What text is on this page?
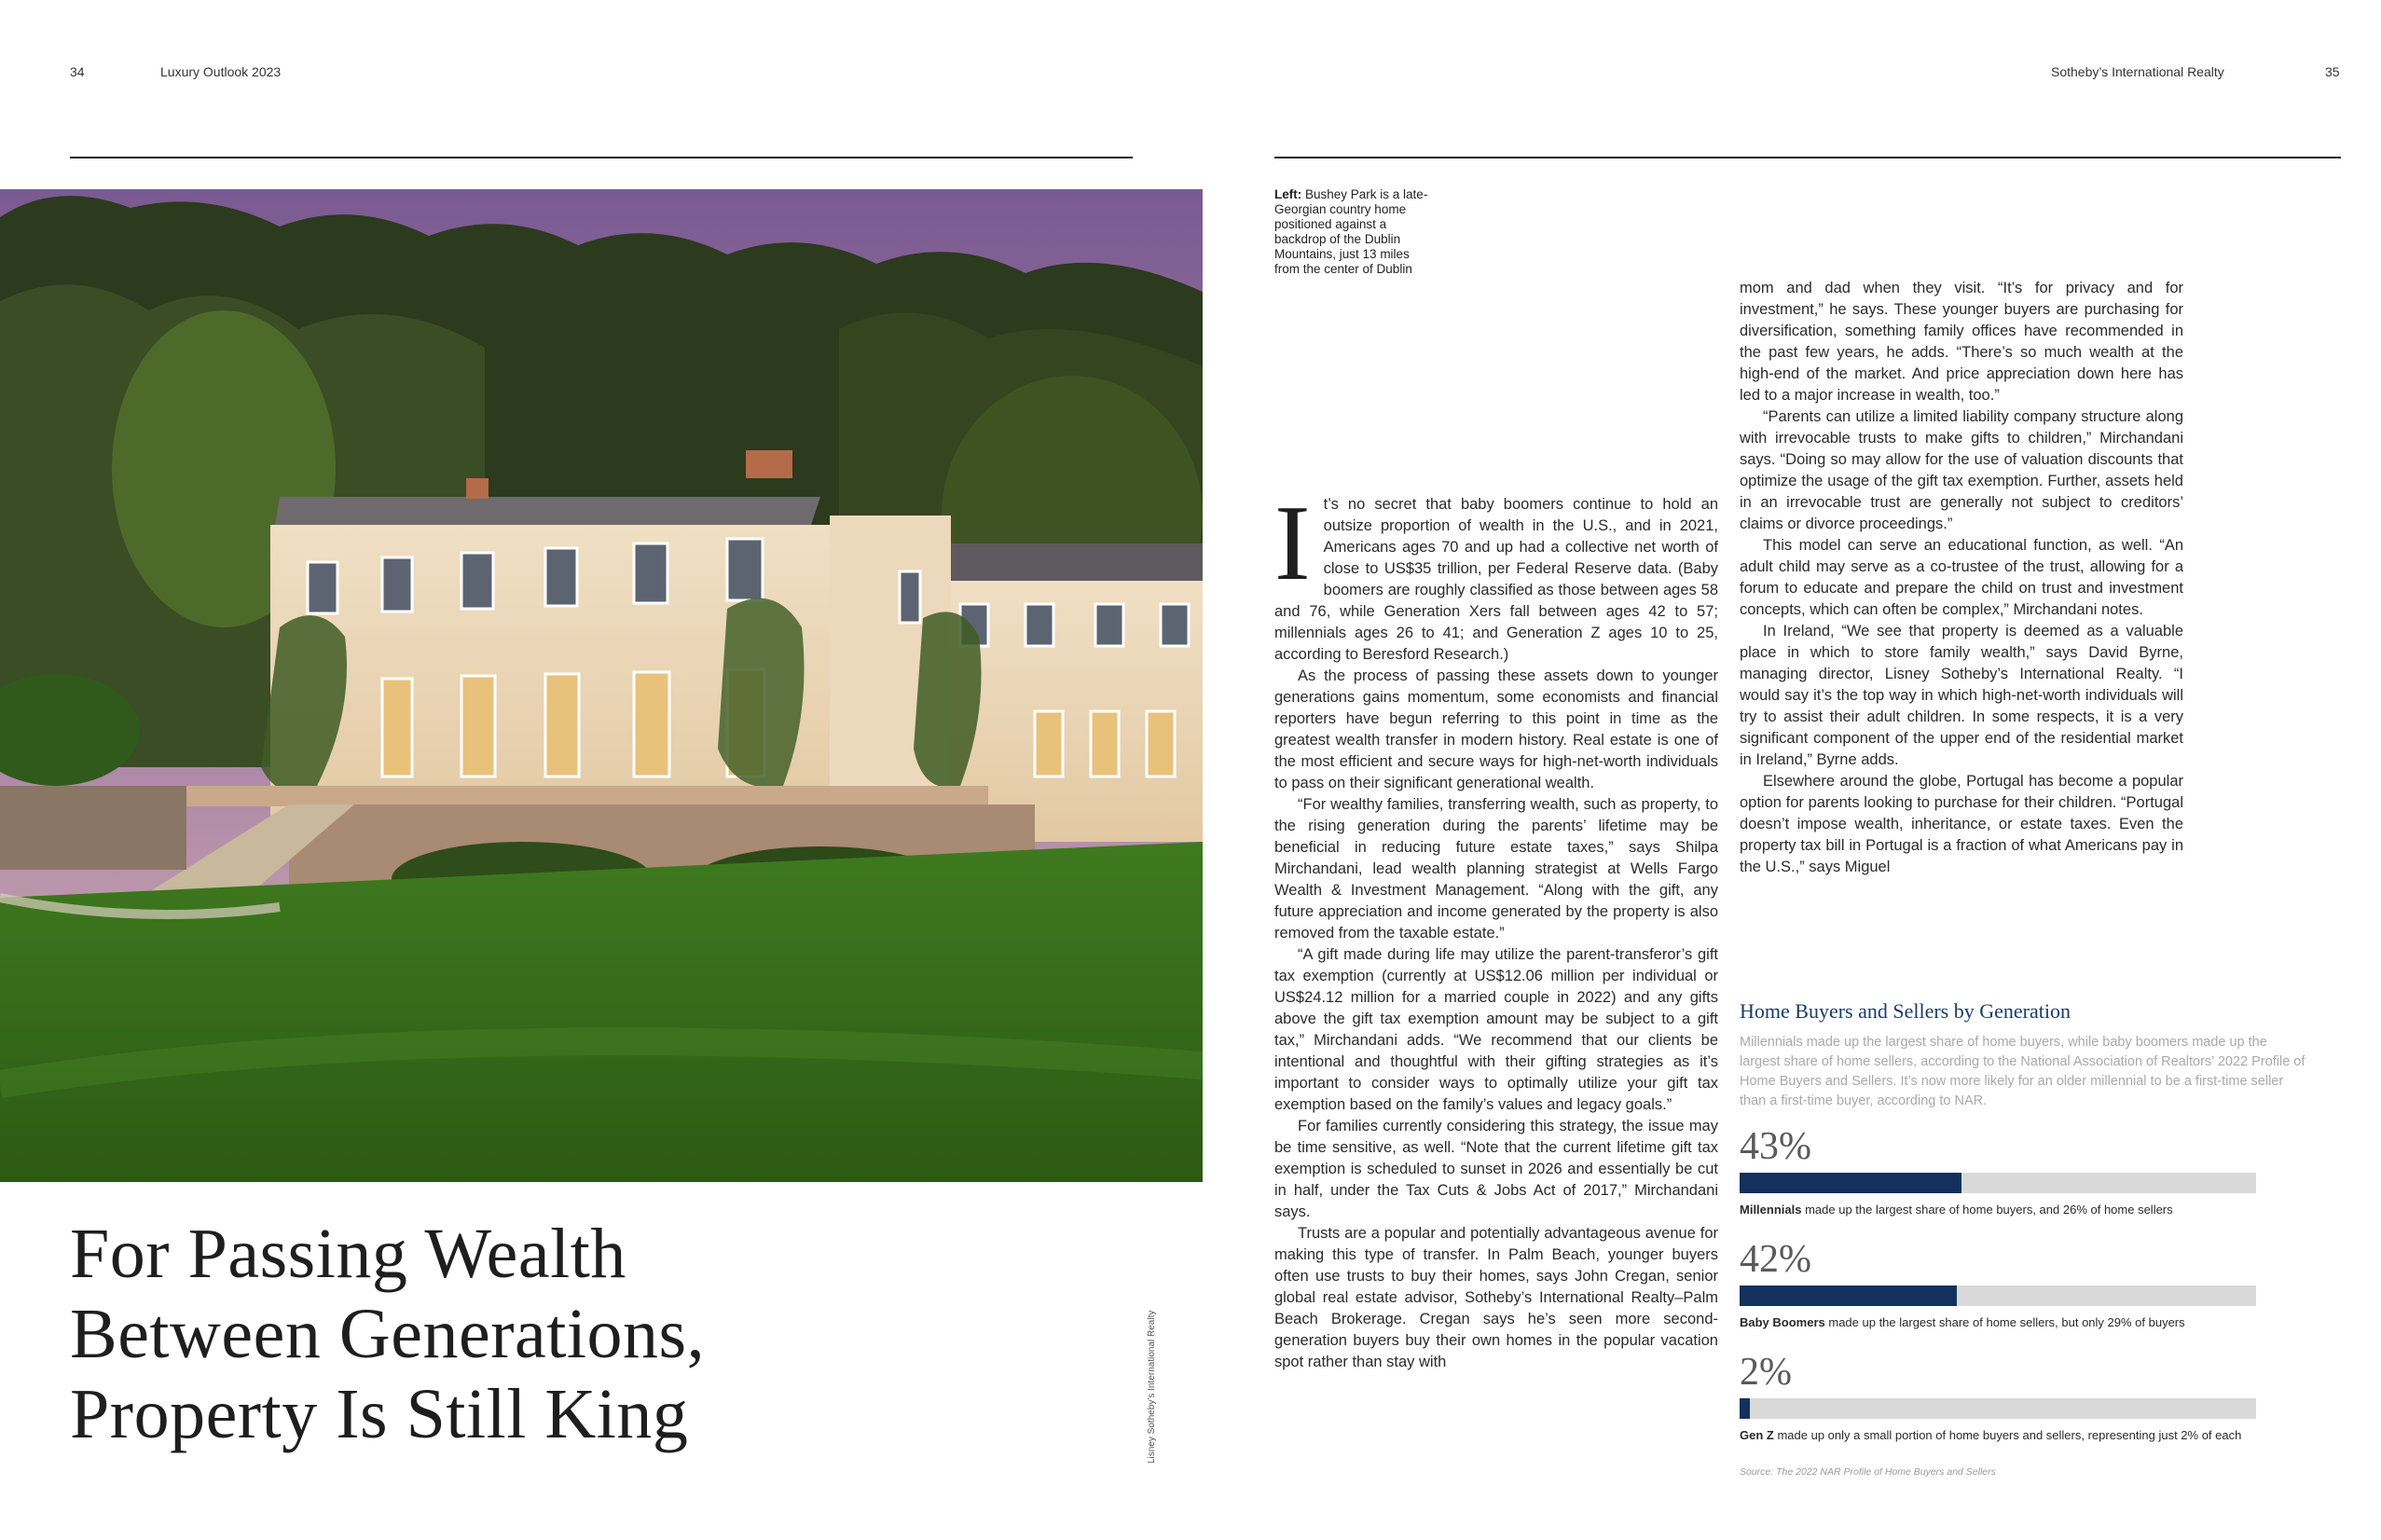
34	Luxury Outlook 2023	Sotheby’s International Realty	35
Left: Bushey Park is a late-Georgian country home positioned against a backdrop of the Dublin Mountains, just 13 miles from the center of Dublin
For Passing Wealth
Between Generations,
Property Is Still King	Lisney Sotheby’s International Realty

It’s no secret that baby boomers continue to hold an outsize proportion of wealth in the U.S., and in 2021, Americans ages 70 and up had a collective net worth of close to US$35 trillion, per Federal Reserve data. (Baby boomers are roughly classified as those between ages 58 and 76, while Generation Xers fall between ages 42 to 57; millennials ages 26 to 41; and Generation Z ages 10 to 25, according to Beresford Research.)

As the process of passing these assets down to younger generations gains momentum, some economists and financial reporters have begun referring to this point in time as the greatest wealth transfer in modern history. Real estate is one of the most efficient and secure ways for high-net-worth individuals to pass on their significant generational wealth.

“For wealthy families, transferring wealth, such as property, to the rising generation during the parents’ lifetime may be beneficial in reducing future estate taxes,” says Shilpa Mirchandani, lead wealth planning strategist at Wells Fargo Wealth & Investment Management. “Along with the gift, any future appreciation and income generated by the property is also removed from the taxable estate.”

“A gift made during life may utilize the parent-transferor’s gift tax exemption (currently at US$12.06 million per individual or US$24.12 million for a married couple in 2022) and any gifts above the gift tax exemption amount may be subject to a gift tax,” Mirchandani adds. “We recommend that our clients be intentional and thoughtful with their gifting strategies as it’s important to consider ways to optimally utilize your gift tax exemption based on the family’s values and legacy goals.”

For families currently considering this strategy, the issue may be time sensitive, as well. “Note that the current lifetime gift tax exemption is scheduled to sunset in 2026 and essentially be cut in half, under the Tax Cuts & Jobs Act of 2017,” Mirchandani says.

Trusts are a popular and potentially advantageous avenue for making this type of transfer. In Palm Beach, younger buyers often use trusts to buy their homes, says John Cregan, senior global real estate advisor, Sotheby’s International Realty–Palm Beach Brokerage. Cregan says he’s seen more second-generation buyers buy their own homes in the popular vacation spot rather than stay with

mom and dad when they visit. “It’s for privacy and for investment,” he says. These younger buyers are purchasing for diversification, something family offices have recommended in the past few years, he adds. “There’s so much wealth at the high-end of the market. And price appreciation down here has led to a major increase in wealth, too.”

“Parents can utilize a limited liability company structure along with irrevocable trusts to make gifts to children,” Mirchandani says. “Doing so may allow for the use of valuation discounts that optimize the usage of the gift tax exemption. Further, assets held in an irrevocable trust are generally not subject to creditors’ claims or divorce proceedings.”

This model can serve an educational function, as well. “An adult child may serve as a co-trustee of the trust, allowing for a forum to educate and prepare the child on trust and investment concepts, which can often be complex,” Mirchandani notes.

In Ireland, “We see that property is deemed as a valuable place in which to store family wealth,” says David Byrne, managing director, Lisney Sotheby’s International Realty. “I would say it’s the top way in which high-net-worth individuals will try to assist their adult children. In some respects, it is a very significant component of the upper end of the residential market in Ireland,” Byrne adds.

Elsewhere around the globe, Portugal has become a popular option for parents looking to purchase for their children. “Portugal doesn’t impose wealth, inheritance, or estate taxes. Even the property tax bill in Portugal is a fraction of what Americans pay in the U.S.,” says Miguel

Home Buyers and Sellers by Generation
Millennials made up the largest share of home buyers, while baby boomers made up the largest share of home sellers, according to the National Association of Realtors’ 2022 Profile of Home Buyers and Sellers. It’s now more likely for an older millennial to be a first-time seller than a first-time buyer, according to NAR.
43%
Millennials made up the largest share of home buyers, and 26% of home sellers
42%
Baby Boomers made up the largest share of home sellers, but only 29% of buyers
2%
Gen Z made up only a small portion of home buyers and sellers, representing just 2% of each
Source: The 2022 NAR Profile of Home Buyers and Sellers
